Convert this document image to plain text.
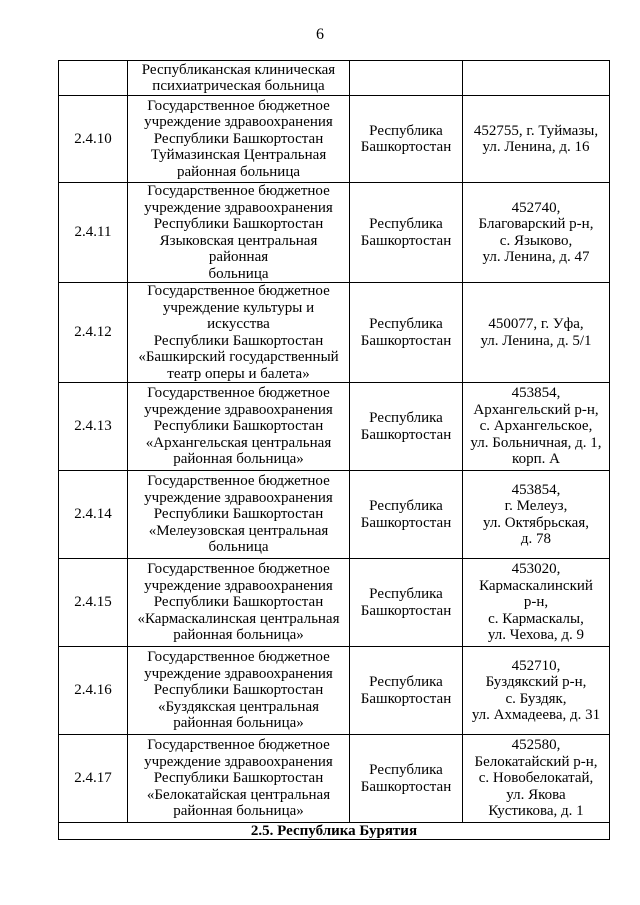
6
	Республиканская клиническая
психиатрическая больница		
2.4.10	Государственное бюджетное
учреждение здравоохранения
Республики Башкортостан
Туймазинская Центральная
районная больница	Республика
Башкортостан	452755, г. Туймазы,
ул. Ленина, д. 16
2.4.11	Государственное бюджетное
учреждение здравоохранения
Республики Башкортостан
Языковская центральная районная
больница	Республика
Башкортостан	452740,
Благоварский р-н,
с. Языково,
ул. Ленина, д. 47
2.4.12	Государственное бюджетное
учреждение культуры и искусства
Республики Башкортостан
«Башкирский государственный
театр оперы и балета»	Республика
Башкортостан	450077, г. Уфа,
ул. Ленина, д. 5/1
2.4.13	Государственное бюджетное
учреждение здравоохранения
Республики Башкортостан
«Архангельская центральная
районная больница»	Республика
Башкортостан	453854,
Архангельский р-н,
с. Архангельское,
ул. Больничная, д. 1,
корп. А
2.4.14	Государственное бюджетное
учреждение здравоохранения
Республики Башкортостан
«Мелеузовская центральная
больница	Республика
Башкортостан	453854,
г. Мелеуз,
ул. Октябрьская,
д. 78
2.4.15	Государственное бюджетное
учреждение здравоохранения
Республики Башкортостан
«Кармаскалинская центральная
районная больница»	Республика
Башкортостан	453020,
Кармаскалинский
р-н,
с. Кармаскалы,
ул. Чехова, д. 9
2.4.16	Государственное бюджетное
учреждение здравоохранения
Республики Башкортостан
«Буздякская центральная
районная больница»	Республика
Башкортостан	452710,
Буздякский р-н,
с. Буздяк,
ул. Ахмадеева, д. 31
2.4.17	Государственное бюджетное
учреждение здравоохранения
Республики Башкортостан
«Белокатайская центральная
районная больница»	Республика
Башкортостан	452580,
Белокатайский р-н,
с. Новобелокатай,
ул. Якова
Кустикова, д. 1
2.5. Республика Бурятия			
